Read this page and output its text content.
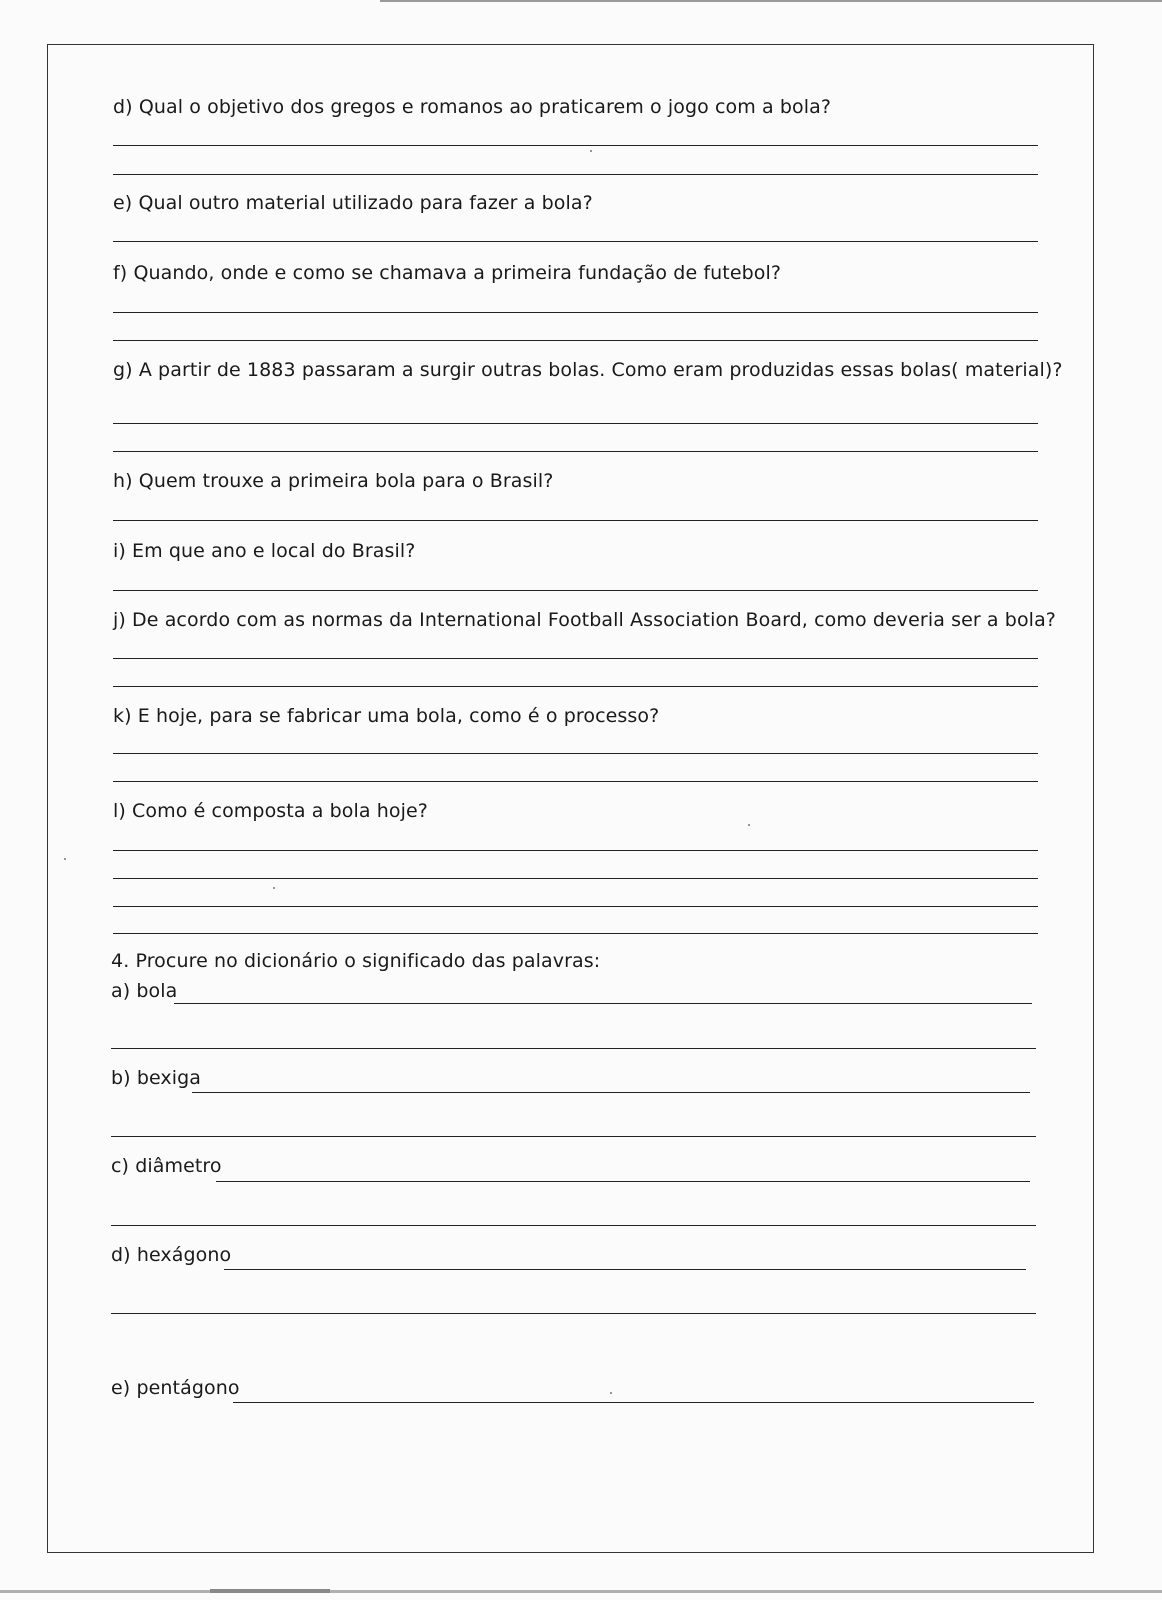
d) Qual o objetivo dos gregos e romanos ao praticarem o jogo com a bola?
e) Qual outro material utilizado para fazer a bola?
f) Quando, onde e como se chamava a primeira fundação de futebol?
g) A partir de 1883 passaram a surgir outras bolas. Como eram produzidas essas bolas( material)?
h) Quem trouxe a primeira bola para o Brasil?
i) Em que ano e local do Brasil?
j) De acordo com as normas da International Football Association Board, como deveria ser a bola?
k) E hoje, para se fabricar uma bola, como é o processo?
l) Como é composta a bola hoje?
4. Procure no dicionário o significado das palavras:
a) bola
b) bexiga
c) diâmetro
d) hexágono
e) pentágono
